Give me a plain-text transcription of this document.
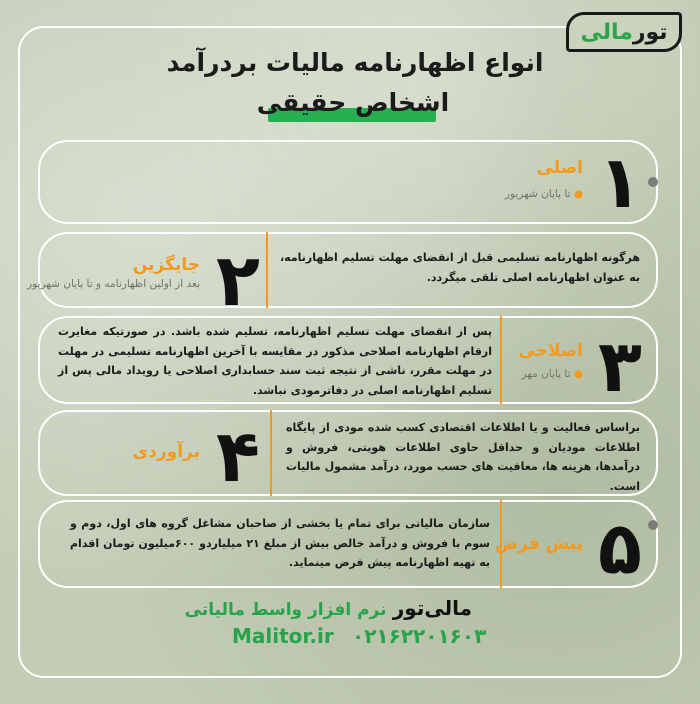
مالی تور
انواع اظهارنامه مالیات بردرآمد
اشخاص حقیقی
۱
اصلی
● تا پایان شهریور
۲
جایگزین
بعد از اولین اظهارنامه و تا پایان شهریور
هرگونه اظهارنامه تسلیمی قبل از انقضای مهلت تسلیم اظهارنامه، به عنوان اظهارنامه اصلی تلقی میگردد.
۳
اصلاحی
● تا پایان مهر
پس از انقضای مهلت تسلیم اظهارنامه، تسلیم شده باشد. در صورتیکه مغایرت ارقام اظهارنامه اصلاحی مذکور در مقایسه با آخرین اظهارنامه تسلیمی در مهلت در مهلت مقرر، ناشی از نتیجه ثبت سند حسابداری اصلاحی یا رویداد مالی پس از تسلیم اظهارنامه اصلی در دفاترمودی نباشد.
۴
برآوردی
براساس فعالیت و یا اطلاعات اقتصادی کسب شده مودی از پایگاه اطلاعات مودیان و حداقل حاوی اطلاعات هویتی، فروش و درآمدها، هزینه ها، معافیت های حسب مورد، درآمد مشمول مالیات است.
۵
پیش فرض
سازمان مالیاتی برای تمام یا بخشی از صاحبان مشاغل گروه های اول، دوم و سوم با فروش و درآمد خالص بیش از مبلغ ۲۱ میلیاردو ۶۰۰میلیون تومان اقدام به تهیه اظهارنامه پیش فرض مینماید.
مالی‌تور نرم افزار واسط مالیاتی
Malitor.ir ۰۲۱۶۲۲۰۱۶۰۳
